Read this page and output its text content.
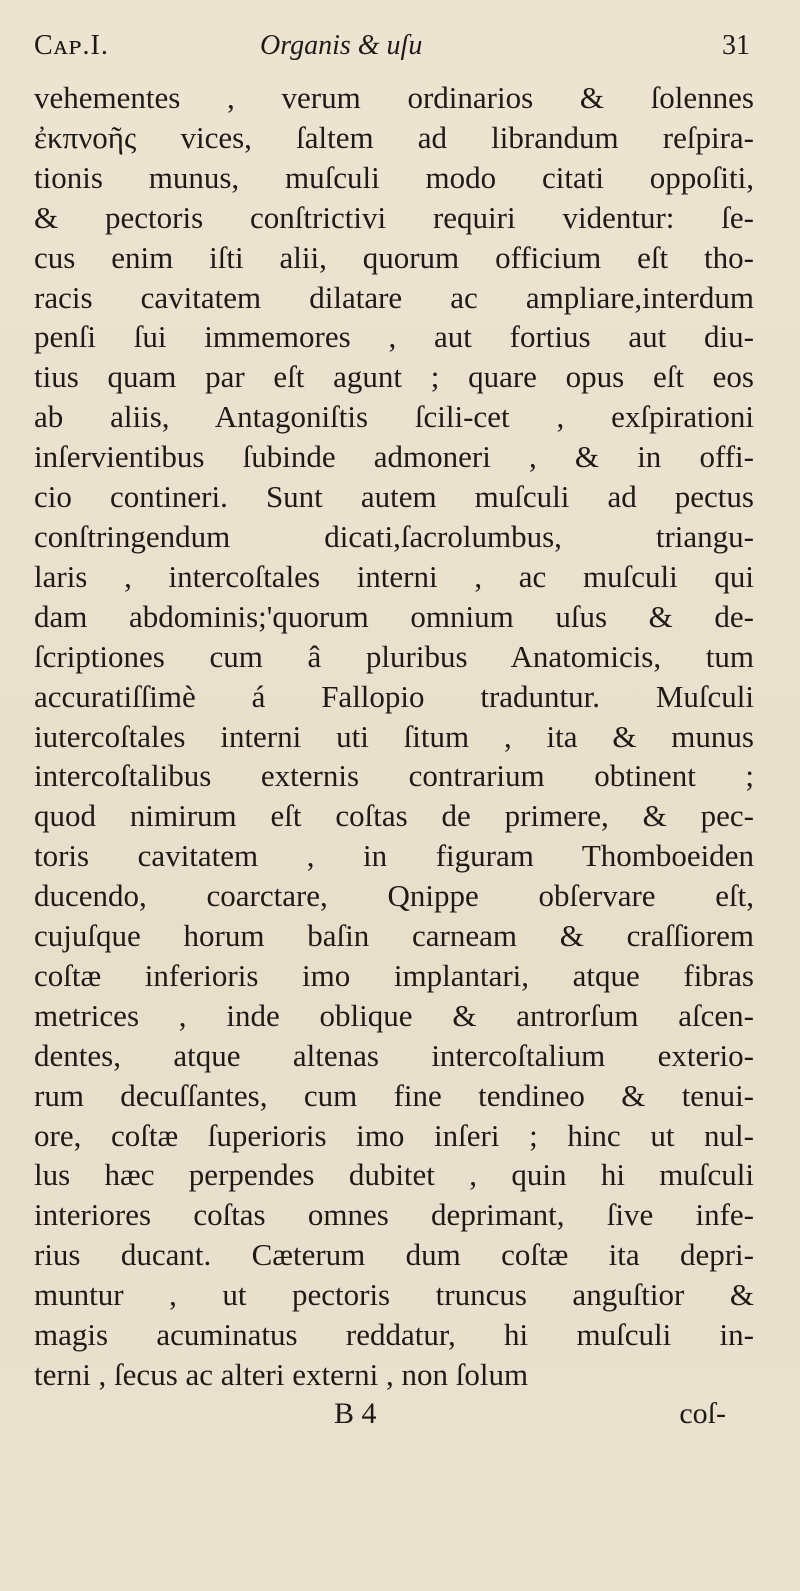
Cᴀᴘ.I.	Organis & uſu	31
vehementes , verum ordinarios & ſolennes
ἐκπνοῆς vices, ſaltem ad librandum reſpira-
tionis munus, muſculi modo citati oppoſiti,
& pectoris conſtrictivi requiri videntur: ſe-
cus enim iſti alii, quorum officium eſt tho-
racis cavitatem dilatare ac ampliare,interdum
penſi ſui immemores , aut fortius aut diu-
tius quam par eſt agunt ; quare opus eſt eos
ab aliis, Antagoniſtis ſcili-cet , exſpirationi
inſervientibus ſubinde admoneri , & in offi-
cio contineri. Sunt autem muſculi ad pectus
conſtringendum dicati,ſacrolumbus, triangu-
laris , intercoſtales interni , ac muſculi qui
dam abdominis;'quorum omnium uſus & de-
ſcriptiones cum â pluribus Anatomicis, tum
accuratiſſimè á Fallopio traduntur. Muſculi
iutercoſtales interni uti ſitum , ita & munus
intercoſtalibus externis contrarium obtinent ;
quod nimirum eſt coſtas de primere, & pec-
toris cavitatem , in figuram Thomboeiden
ducendo, coarctare, Qnippe obſervare eſt,
cujuſque horum baſin carneam & craſſiorem
coſtæ inferioris imo implantari, atque fibras
metrices , inde oblique & antrorſum aſcen-
dentes, atque altenas intercoſtalium exterio-
rum decuſſantes, cum fine tendineo & tenui-
ore, coſtæ ſuperioris imo inſeri ; hinc ut nul-
lus hæc perpendes dubitet , quin hi muſculi
interiores coſtas omnes deprimant, ſive infe-
rius ducant. Cæterum dum coſtæ ita depri-
muntur , ut pectoris truncus anguſtior &
magis acuminatus reddatur, hi muſculi in-
terni , ſecus ac alteri externi , non ſolum
B 4	coſ-
